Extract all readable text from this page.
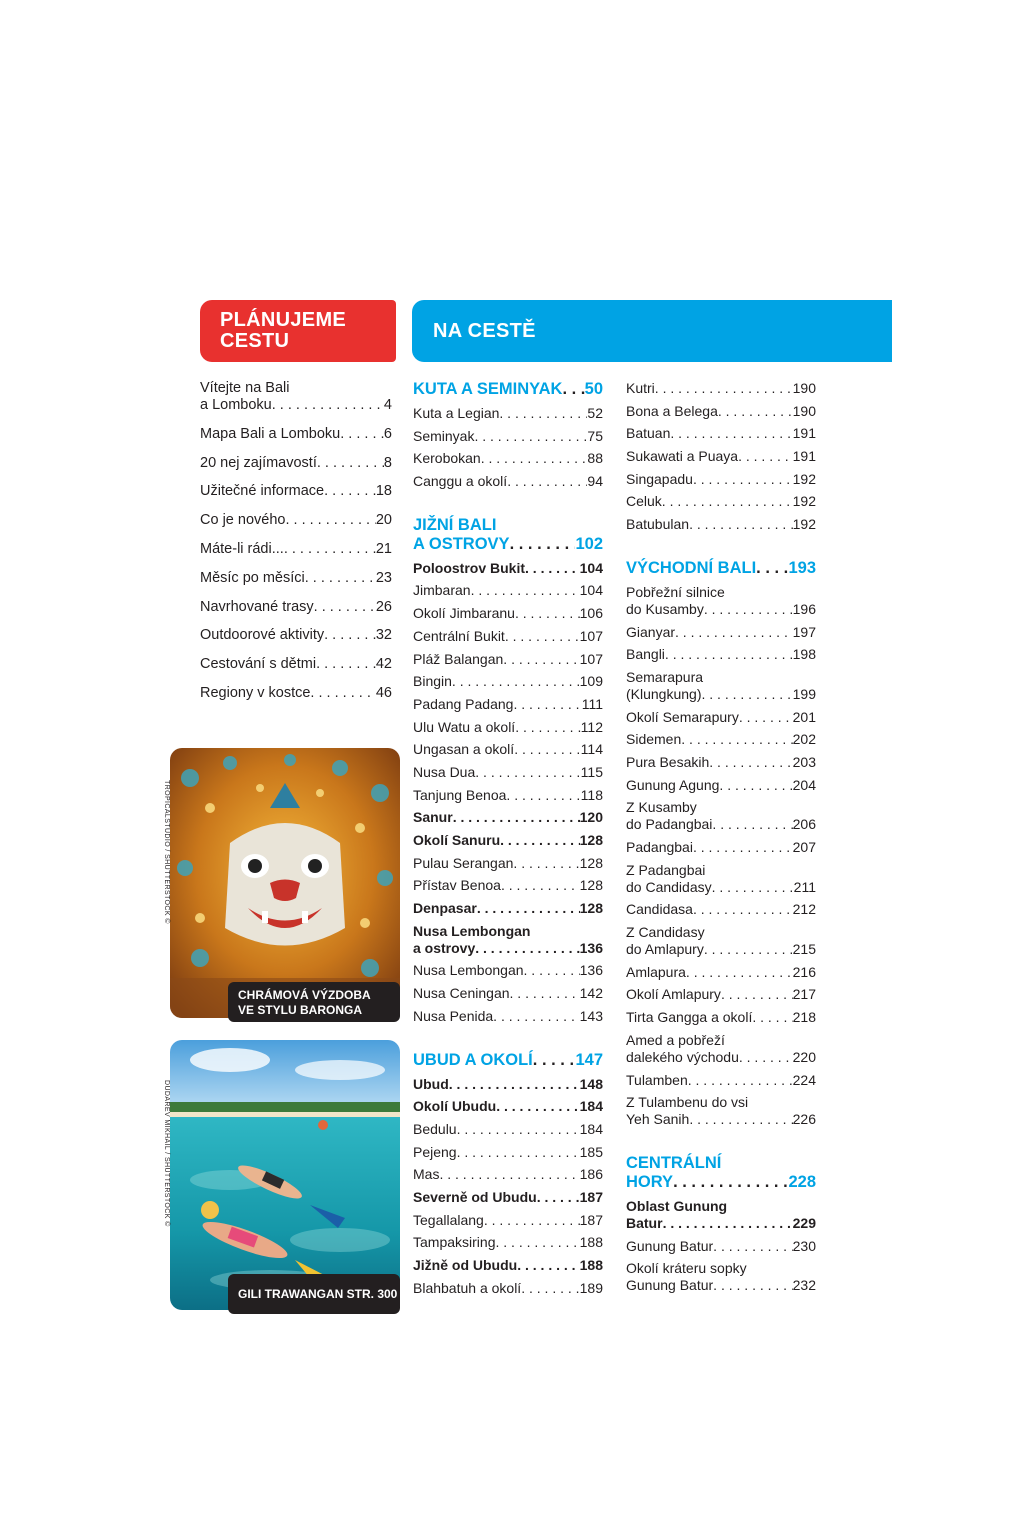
PLÁNUJEME
CESTU	NA CESTĚ
Vítejte na Bali
a Lomboku . . .	4
Mapa Bali a Lomboku . . .	6
20 nej zajímavostí . . .	8
Užitečné informace . . .	18
Co je nového . . .	20
Máte-li rádi... . . .	21
Měsíc po měsíci . . .	23
Navrhované trasy . . .	26
Outdoorové aktivity . . .	32
Cestování s dětmi . . .	42
Regiony v kostce . . .	46
KUTA A SEMINYAK . . . 50
Kuta a Legian . . .	52
Seminyak . . .	75
Kerobokan . . .	88
Canggu a okolí . . .	94
JIŽNÍ BALI
A OSTROVY . . .	102
Poloostrov Bukit . . .	104
Jimbaran . . .	104
Okolí Jimbaranu . . .	106
Centrální Bukit . . .	107
Pláž Balangan . . .	107
Bingin . . .	109
Padang Padang . . .	111
Ulu Watu a okolí . . .	112
Ungasan a okolí . . .	114
Nusa Dua . . .	115
Tanjung Benoa . . .	118
Sanur . . .	120
Okolí Sanuru . . .	128
Pulau Serangan . . .	128
Přístav Benoa . . .	128
Denpasar . . .	128
Nusa Lembongan
a ostrovy . . .	136
Nusa Lembongan . . .	136
Nusa Ceningan . . .	142
Nusa Penida . . .	143
UBUD A OKOLÍ . . .	147
Ubud . . .	148
Okolí Ubudu . . .	184
Bedulu . . .	184
Pejeng . . .	185
Mas . . .	186
Severně od Ubudu . . .	187
Tegallalang . . .	187
Tampaksiring . . .	188
Jižně od Ubudu . . .	188
Blahbatuh a okolí . . .	189
Kutri . . .	190
Bona a Belega . . .	190
Batuan . . .	191
Sukawati a Puaya . . .	191
Singapadu . . .	192
Celuk . . .	192
Batubulan . . .	192
VÝCHODNÍ BALI . . . 193
Pobřežní silnice
do Kusamby . . .	196
Gianyar . . .	197
Bangli . . .	198
Semarapura
(Klungkung) . . .	199
Okolí Semarapury . . .	201
Sidemen . . .	202
Pura Besakih . . .	203
Gunung Agung . . .	204
Z Kusamby
do Padangbai . . .	206
Padangbai . . .	207
Z Padangbai
do Candidasy . . .	211
Candidasa . . .	212
Z Candidasy
do Amlapury . . .	215
Amlapura . . .	216
Okolí Amlapury . . .	217
Tirta Gangga a okolí . . .	218
Amed a pobřeží
dalekého východu . . .	220
Tulamben . . .	224
Z Tulambenu do vsi
Yeh Sanih . . .	226
CENTRÁLNÍ
HORY . . .	228
Oblast Gunung
Batur . . .	229
Gunung Batur . . .	230
Okolí kráteru sopky
Gunung Batur . . .	232
CHRÁMOVÁ VÝZDOBA
VE STYLU BARONGA
TROPICALSTUDIO / SHUTTERSTOCK ©
GILI TRAWANGAN STR. 300
DUDAREV MIKHAIL / SHUTTERSTOCK ©
